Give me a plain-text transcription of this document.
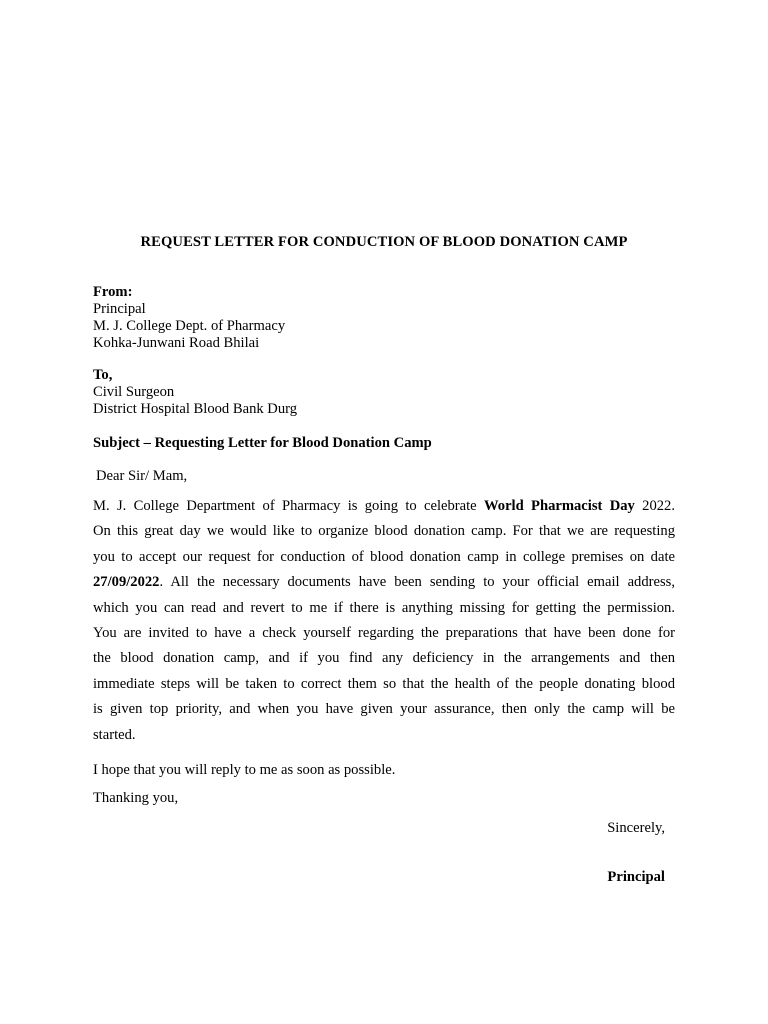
REQUEST LETTER FOR CONDUCTION OF BLOOD DONATION CAMP

From:
Principal
M. J. College Dept. of Pharmacy
Kohka-Junwani Road Bhilai
To,
Civil Surgeon
District Hospital Blood Bank Durg

Subject – Requesting Letter for Blood Donation Camp

Dear Sir/ Mam,

M. J. College Department of Pharmacy is going to celebrate World Pharmacist Day 2022.
On this great day we would like to organize blood donation camp. For that we are requesting
you to accept our request for conduction of blood donation camp in college premises on date
27/09/2022. All the necessary documents have been sending to your official email address,
which you can read and revert to me if there is anything missing for getting the permission.
You are invited to have a check yourself regarding the preparations that have been done for
the blood donation camp, and if you find any deficiency in the arrangements and then
immediate steps will be taken to correct them so that the health of the people donating blood
is given top priority, and when you have given your assurance, then only the camp will be
started.

I hope that you will reply to me as soon as possible.

Thanking you,

Sincerely,

Principal
